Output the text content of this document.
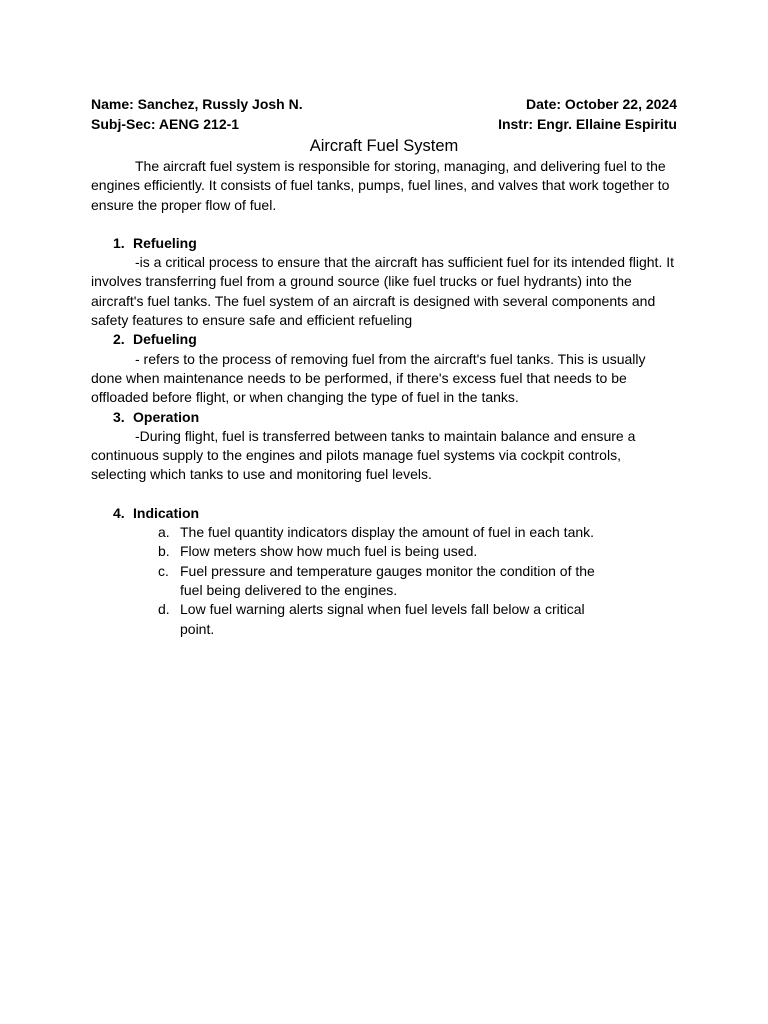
Name: Sanchez, Russly Josh N.	Date: October 22, 2024
Subj-Sec: AENG 212-1	Instr: Engr. Ellaine Espiritu
Aircraft Fuel System

The aircraft fuel system is responsible for storing, managing, and delivering fuel to the engines efficiently. It consists of fuel tanks, pumps, fuel lines, and valves that work together to ensure the proper flow of fuel.

1. Refueling

-is a critical process to ensure that the aircraft has sufficient fuel for its intended flight. It involves transferring fuel from a ground source (like fuel trucks or fuel hydrants) into the aircraft's fuel tanks. The fuel system of an aircraft is designed with several components and safety features to ensure safe and efficient refueling

2. Defueling

- refers to the process of removing fuel from the aircraft's fuel tanks. This is usually done when maintenance needs to be performed, if there's excess fuel that needs to be offloaded before flight, or when changing the type of fuel in the tanks.

3. Operation

-During flight, fuel is transferred between tanks to maintain balance and ensure a continuous supply to the engines and pilots manage fuel systems via cockpit controls, selecting which tanks to use and monitoring fuel levels.

4. Indication
a. The fuel quantity indicators display the amount of fuel in each tank.
b. Flow meters show how much fuel is being used.
c. Fuel pressure and temperature gauges monitor the condition of the fuel being delivered to the engines.
d. Low fuel warning alerts signal when fuel levels fall below a critical point.
